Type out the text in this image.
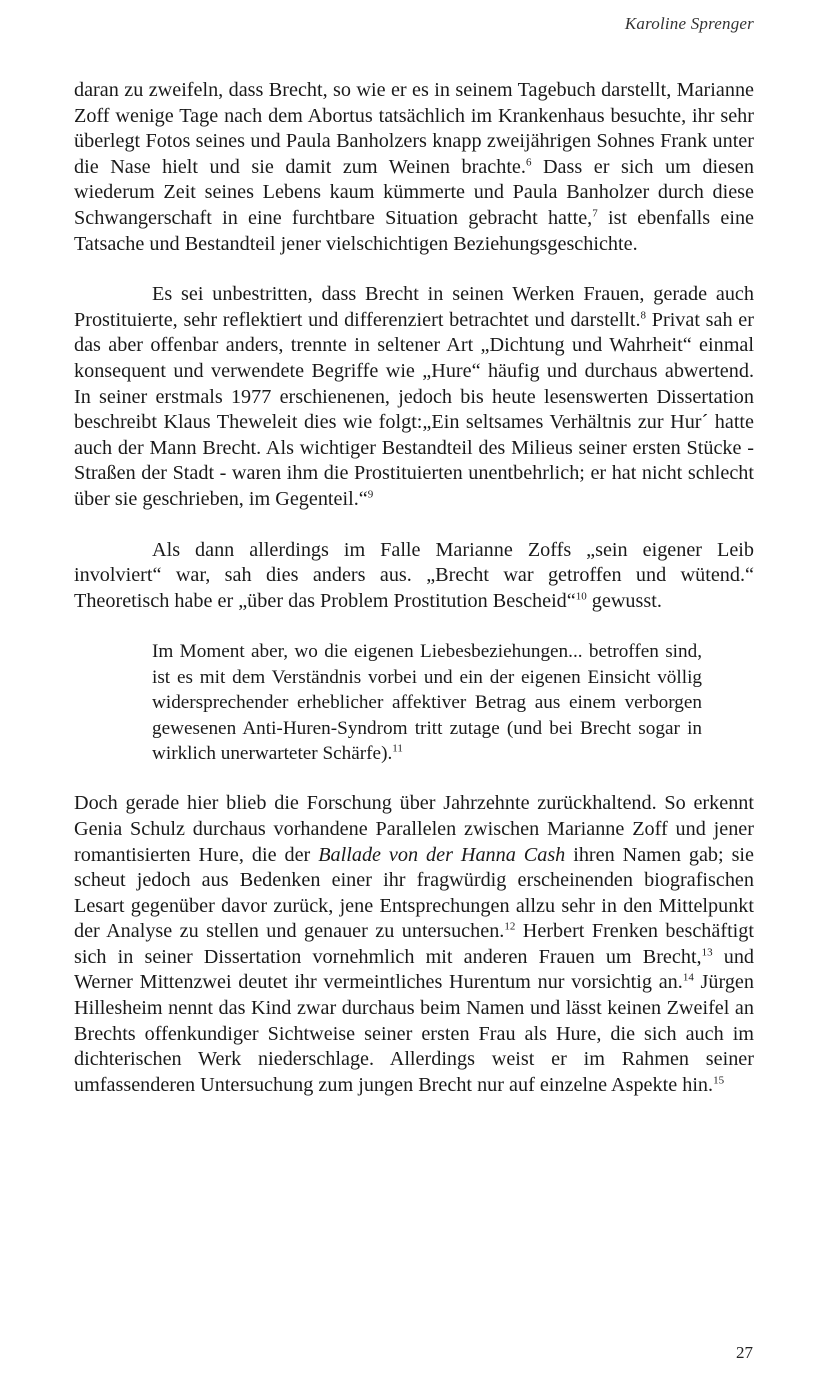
Karoline Sprenger

daran zu zweifeln, dass Brecht, so wie er es in seinem Tagebuch darstellt, Marianne Zoff wenige Tage nach dem Abortus tatsächlich im Krankenhaus besuchte, ihr sehr überlegt Fotos seines und Paula Banholzers knapp zweijährigen Sohnes Frank unter die Nase hielt und sie damit zum Weinen brachte.$^6$ Dass er sich um diesen wiederum Zeit seines Lebens kaum kümmerte und Paula Banholzer durch diese Schwangerschaft in eine furchtbare Situation gebracht hatte,$^7$ ist ebenfalls eine Tatsache und Bestandteil jener vielschichtigen Beziehungsgeschichte.

Es sei unbestritten, dass Brecht in seinen Werken Frauen, gerade auch Prostituierte, sehr reflektiert und differenziert betrachtet und darstellt.$^8$ Privat sah er das aber offenbar anders, trennte in seltener Art „Dichtung und Wahrheit“ einmal konsequent und verwendete Begriffe wie „Hure“ häufig und durchaus abwertend. In seiner erstmals 1977 erschienenen, jedoch bis heute lesenswerten Dissertation beschreibt Klaus Theweleit dies wie folgt:„Ein seltsames Verhältnis zur Hur´ hatte auch der Mann Brecht. Als wichtiger Bestandteil des Milieus seiner ersten Stücke - Straßen der Stadt - waren ihm die Prostituierten unentbehrlich; er hat nicht schlecht über sie geschrieben, im Gegenteil.“$^9$

Als dann allerdings im Falle Marianne Zoffs „sein eigener Leib involviert“ war, sah dies anders aus. „Brecht war getroffen und wütend.“ Theoretisch habe er „über das Problem Prostitution Bescheid“$^{10}$ gewusst.

Im Moment aber, wo die eigenen Liebesbeziehungen... betroffen sind, ist es mit dem Verständnis vorbei und ein der eigenen Einsicht völlig widersprechender erheblicher affektiver Betrag aus einem verborgen gewesenen Anti-Huren-Syndrom tritt zutage (und bei Brecht sogar in wirklich unerwarteter Schärfe).$^{11}$

Doch gerade hier blieb die Forschung über Jahrzehnte zurückhaltend. So erkennt Genia Schulz durchaus vorhandene Parallelen zwischen Marianne Zoff und jener romantisierten Hure, die der Ballade von der Hanna Cash ihren Namen gab; sie scheut jedoch aus Bedenken einer ihr fragwürdig erscheinenden biografischen Lesart gegenüber davor zurück, jene Entsprechungen allzu sehr in den Mittelpunkt der Analyse zu stellen und genauer zu untersuchen.$^{12}$ Herbert Frenken beschäftigt sich in seiner Dissertation vornehmlich mit anderen Frauen um Brecht,$^{13}$ und Werner Mittenzwei deutet ihr vermeintliches Hurentum nur vorsichtig an.$^{14}$ Jürgen Hillesheim nennt das Kind zwar durchaus beim Namen und lässt keinen Zweifel an Brechts offenkundiger Sichtweise seiner ersten Frau als Hure, die sich auch im dichterischen Werk niederschlage. Allerdings weist er im Rahmen seiner umfassenderen Untersuchung zum jungen Brecht nur auf einzelne Aspekte hin.$^{15}$

27
